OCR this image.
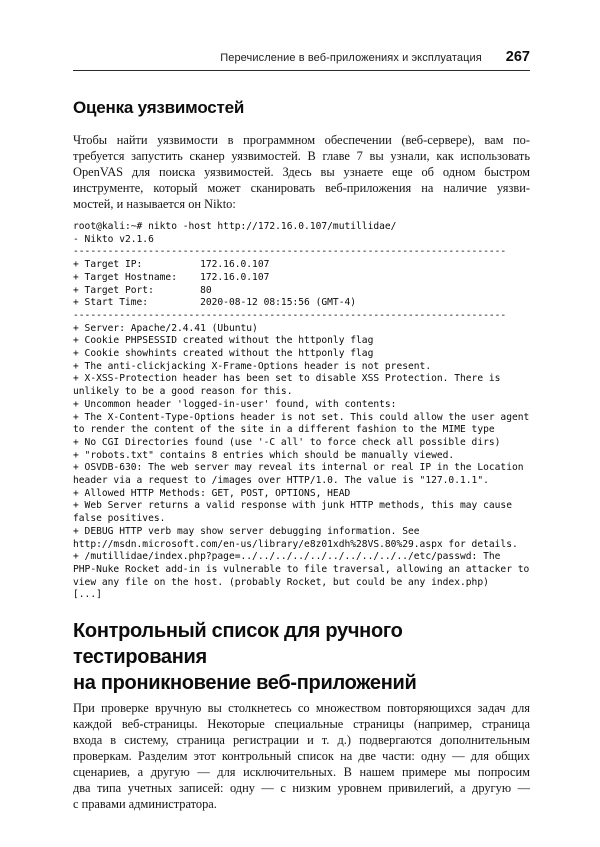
Перечисление в веб-приложениях и эксплуатация 267
Оценка уязвимостей
Чтобы найти уязвимости в программном обеспечении (веб-сервере), вам по-
требуется запустить сканер уязвимостей. В главе 7 вы узнали, как использовать
OpenVAS для поиска уязвимостей. Здесь вы узнаете еще об одном быстром
инструменте, который может сканировать веб-приложения на наличие уязви-
мостей, и называется он Nikto:
root@kali:~# nikto -host http://172.16.0.107/mutillidae/
- Nikto v2.1.6
---------------------------------------------------------------------------
+ Target IP:          172.16.0.107
+ Target Hostname:    172.16.0.107
+ Target Port:        80
+ Start Time:         2020-08-12 08:15:56 (GMT-4)
---------------------------------------------------------------------------
+ Server: Apache/2.4.41 (Ubuntu)
+ Cookie PHPSESSID created without the httponly flag
+ Cookie showhints created without the httponly flag
+ The anti-clickjacking X-Frame-Options header is not present.
+ X-XSS-Protection header has been set to disable XSS Protection. There is
unlikely to be a good reason for this.
+ Uncommon header 'logged-in-user' found, with contents:
+ The X-Content-Type-Options header is not set. This could allow the user agent
to render the content of the site in a different fashion to the MIME type
+ No CGI Directories found (use '-C all' to force check all possible dirs)
+ "robots.txt" contains 8 entries which should be manually viewed.
+ OSVDB-630: The web server may reveal its internal or real IP in the Location
header via a request to /images over HTTP/1.0. The value is "127.0.1.1".
+ Allowed HTTP Methods: GET, POST, OPTIONS, HEAD
+ Web Server returns a valid response with junk HTTP methods, this may cause
false positives.
+ DEBUG HTTP verb may show server debugging information. See
http://msdn.microsoft.com/en-us/library/e8z01xdh%28VS.80%29.aspx for details.
+ /mutillidae/index.php?page=../../../../../../../../../../etc/passwd: The
PHP-Nuke Rocket add-in is vulnerable to file traversal, allowing an attacker to
view any file on the host. (probably Rocket, but could be any index.php)
[...]
Контрольный список для ручного тестирования
на проникновение веб-приложений
При проверке вручную вы столкнетесь со множеством повторяющихся задач для
каждой веб-страницы. Некоторые специальные страницы (например, страница
входа в систему, страница регистрации и т. д.) подвергаются дополнительным
проверкам. Разделим этот контрольный список на две части: одну — для общих
сценариев, а другую — для исключительных. В нашем примере мы попросим
два типа учетных записей: одну — с низким уровнем привилегий, а другую —
с правами администратора.
